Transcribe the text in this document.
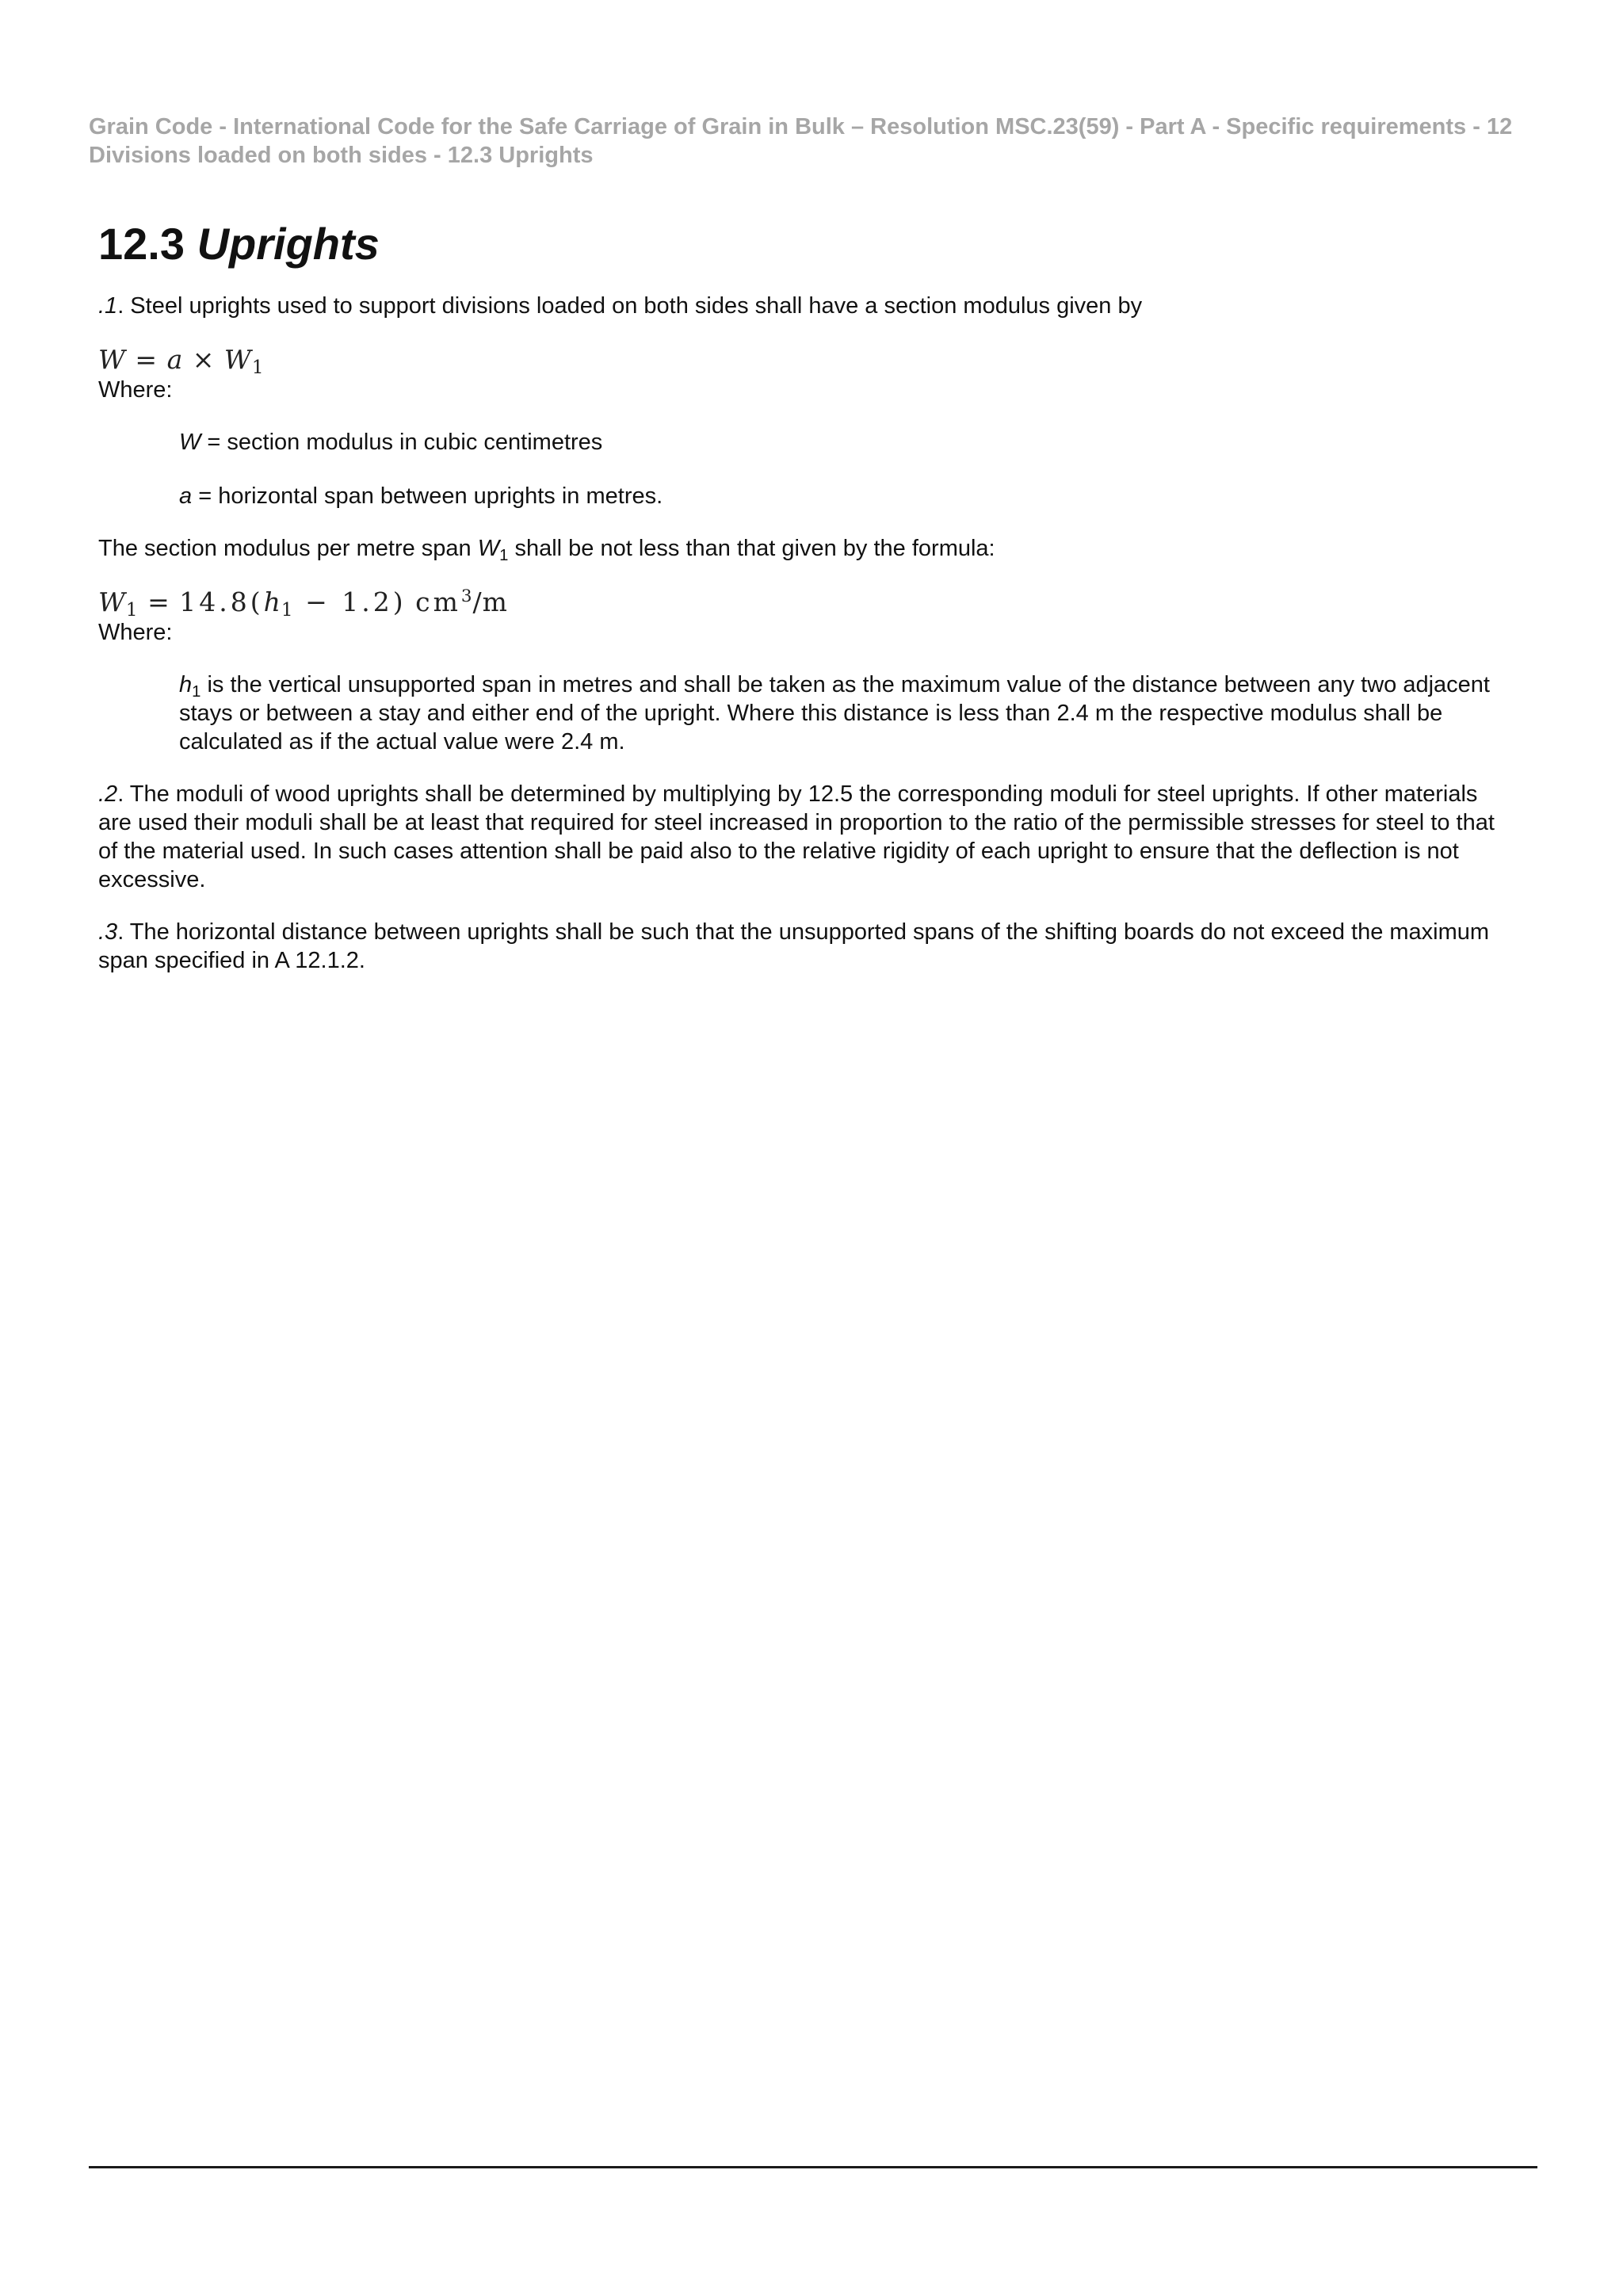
Grain Code - International Code for the Safe Carriage of Grain in Bulk – Resolution MSC.23(59) - Part A - Specific requirements - 12 Divisions loaded on both sides - 12.3 Uprights
12.3 Uprights

.1. Steel uprights used to support divisions loaded on both sides shall have a section modulus given by

$W = a \times W_1$

Where:

W = section modulus in cubic centimetres

a = horizontal span between uprights in metres.

The section modulus per metre span $W_1$ shall be not less than that given by the formula:

$W_1 = 14.8(h_1 - 1.2)$ $cm^3/m$

Where:

$h_1$ is the vertical unsupported span in metres and shall be taken as the maximum value of the distance between any two adjacent stays or between a stay and either end of the upright. Where this distance is less than 2.4 m the respective modulus shall be calculated as if the actual value were 2.4 m.

.2. The moduli of wood uprights shall be determined by multiplying by 12.5 the corresponding moduli for steel uprights. If other materials are used their moduli shall be at least that required for steel increased in proportion to the ratio of the permissible stresses for steel to that of the material used. In such cases attention shall be paid also to the relative rigidity of each upright to ensure that the deflection is not excessive.

.3. The horizontal distance between uprights shall be such that the unsupported spans of the shifting boards do not exceed the maximum span specified in A 12.1.2.
